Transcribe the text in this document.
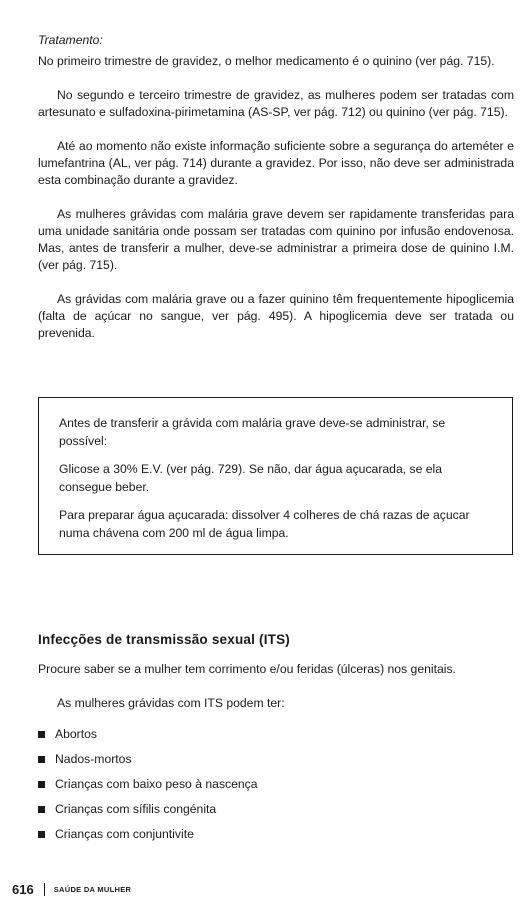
Tratamento:

No primeiro trimestre de gravidez, o melhor medicamento é o quinino (ver pág. 715).

No segundo e terceiro trimestre de gravidez, as mulheres podem ser tratadas com artesunato e sulfadoxina-pirimetamina (AS-SP, ver pág. 712) ou quinino (ver pág. 715).

Até ao momento não existe informação suficiente sobre a segurança do arteméter e lumefantrina (AL, ver pág. 714) durante a gravidez. Por isso, não deve ser administrada esta combinação durante a gravidez.

As mulheres grávidas com malária grave devem ser rapidamente transferidas para uma unidade sanitária onde possam ser tratadas com quinino por infusão endovenosa. Mas, antes de transferir a mulher, deve-se administrar a primeira dose de quinino I.M. (ver pág. 715).

As grávidas com malária grave ou a fazer quinino têm frequentemente hipoglicemia (falta de açúcar no sangue, ver pág. 495). A hipoglicemia deve ser tratada ou prevenida.

Antes de transferir a grávida com malária grave deve-se administrar, se possível:

Glicose a 30% E.V. (ver pág. 729). Se não, dar água açucarada, se ela consegue beber.

Para preparar água açucarada: dissolver 4 colheres de chá razas de açucar numa chávena com 200 ml de água limpa.

Infecções de transmissão sexual (ITS)

Procure saber se a mulher tem corrimento e/ou feridas (úlceras) nos genitais.

As mulheres grávidas com ITS podem ter:

Abortos
Nados-mortos
Crianças com baixo peso à nascença
Crianças com sífilis congénita
Crianças com conjuntivite
616	SAÚDE DA MULHER
